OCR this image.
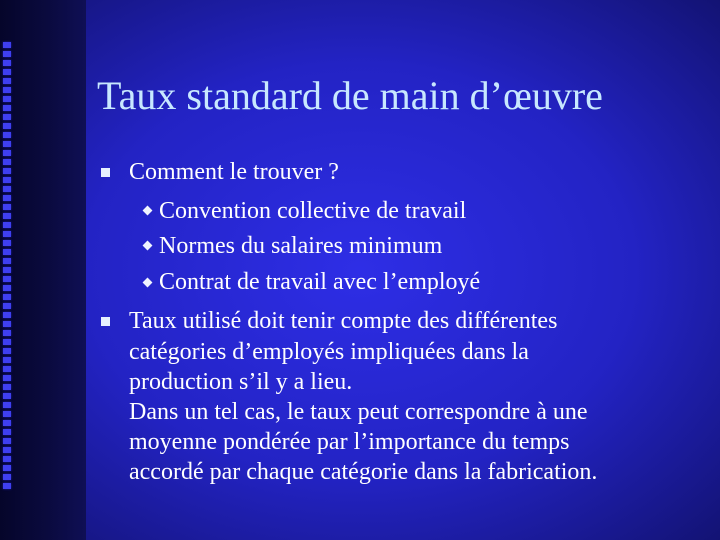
Taux standard de main d’œuvre

Comment le trouver ?

Convention collective de travail

Normes du salaires minimum

Contrat de travail avec l’employé

Taux utilisé doit tenir compte des différentes

catégories d’employés impliquées dans la

production s’il y a lieu.

Dans un tel cas, le taux peut correspondre à une

moyenne pondérée par l’importance du temps

accordé par chaque catégorie dans la fabrication.
